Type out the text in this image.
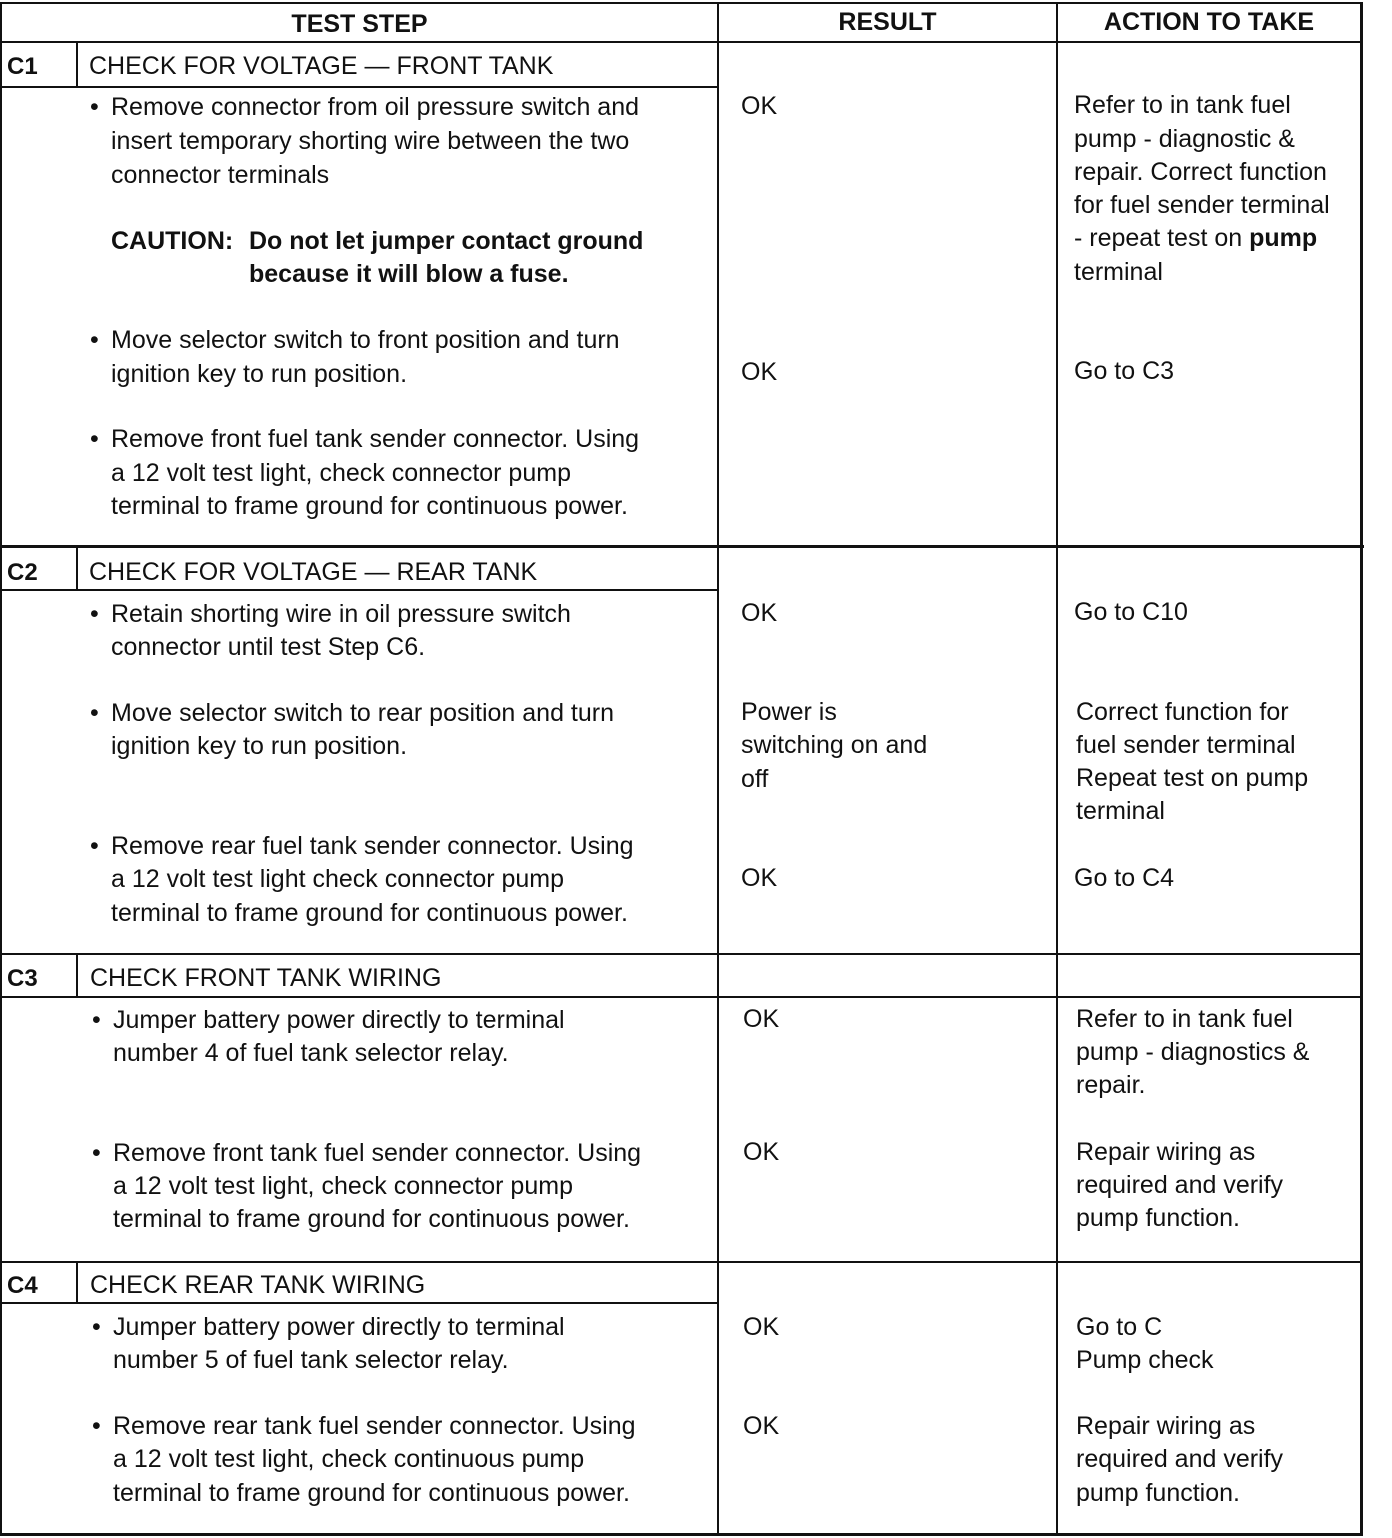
TEST STEP	RESULT	ACTION TO TAKE
C1 CHECK FOR VOLTAGE — FRONT TANK
• Remove connector from oil pressure switch and
insert temporary shorting wire between the two
connector terminals
CAUTION: Do not let jumper contact ground
because it will blow a fuse.
• Move selector switch to front position and turn
ignition key to run position.
• Remove front fuel tank sender connector. Using
a 12 volt test light, check connector pump
terminal to frame ground for continuous power.
OK
OK
Refer to in tank fuel
pump - diagnostic &
repair. Correct function
for fuel sender terminal
- repeat test on pump
terminal
Go to C3
C2 CHECK FOR VOLTAGE — REAR TANK
• Retain shorting wire in oil pressure switch
connector until test Step C6.
• Move selector switch to rear position and turn
ignition key to run position.
• Remove rear fuel tank sender connector. Using
a 12 volt test light check connector pump
terminal to frame ground for continuous power.
OK
Power is
switching on and
off
OK
Go to C10
Correct function for
fuel sender terminal
Repeat test on pump
terminal
Go to C4
C3 CHECK FRONT TANK WIRING
• Jumper battery power directly to terminal
number 4 of fuel tank selector relay.
• Remove front tank fuel sender connector. Using
a 12 volt test light, check connector pump
terminal to frame ground for continuous power.
OK
OK
Refer to in tank fuel
pump - diagnostics &
repair.
Repair wiring as
required and verify
pump function.
C4 CHECK REAR TANK WIRING
• Jumper battery power directly to terminal
number 5 of fuel tank selector relay.
• Remove rear tank fuel sender connector. Using
a 12 volt test light, check continuous pump
terminal to frame ground for continuous power.
OK
OK
Go to C
Pump check
Repair wiring as
required and verify
pump function.
